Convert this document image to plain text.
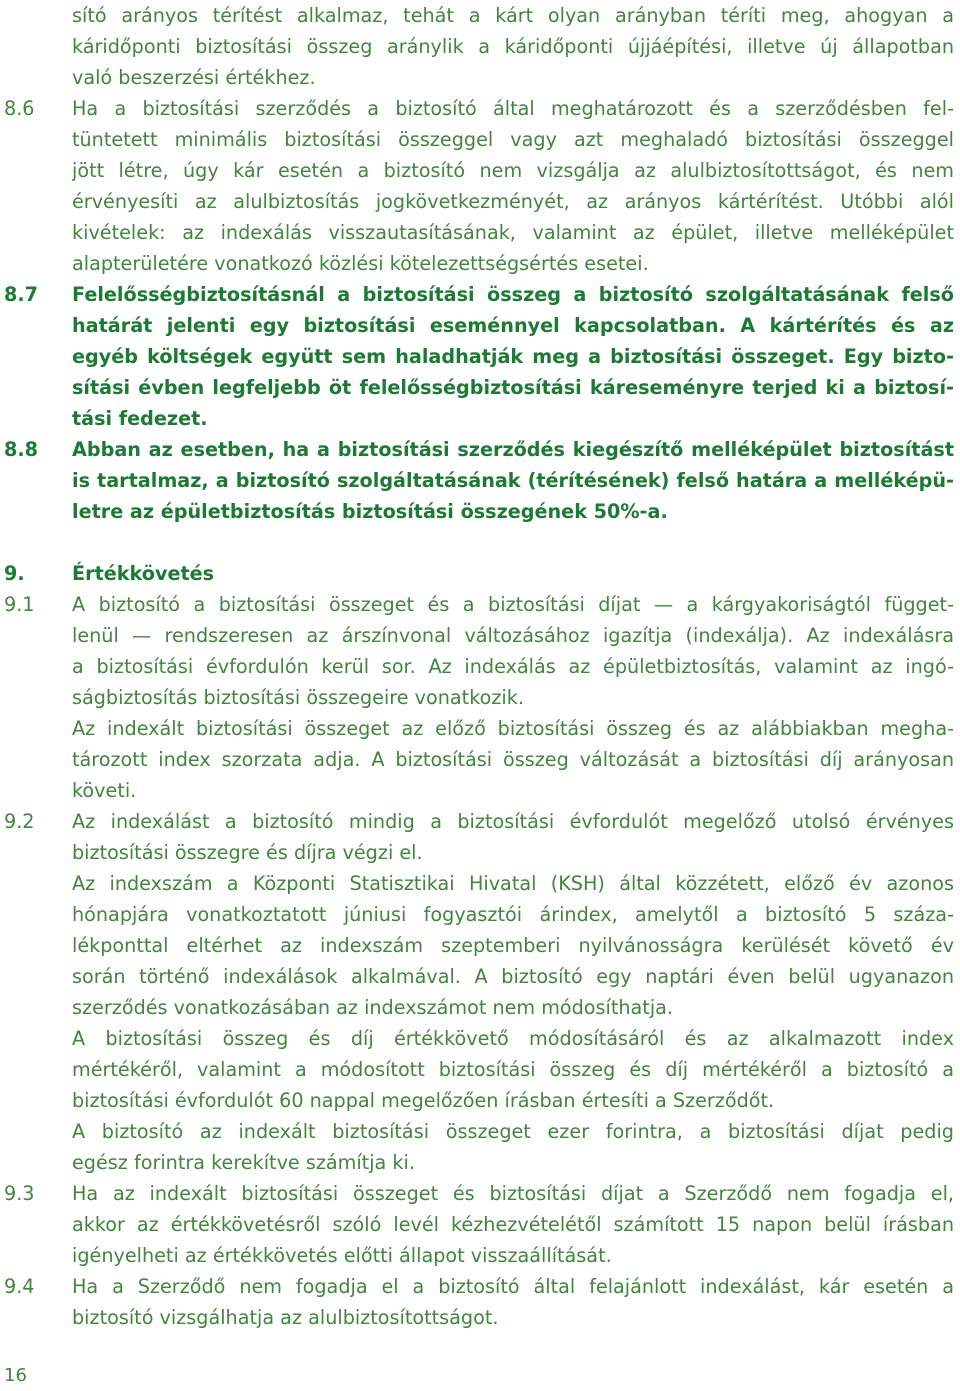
sító arányos térítést alkalmaz, tehát a kárt olyan arányban téríti meg, ahogyan a
káridőponti biztosítási összeg aránylik a káridőponti újjáépítési, illetve új állapotban
való beszerzési értékhez.
8.6	Ha a biztosítási szerződés a biztosító által meghatározott és a szerződésben fel-
tüntetett minimális biztosítási összeggel vagy azt meghaladó biztosítási összeggel
jött létre, úgy kár esetén a biztosító nem vizsgálja az alulbiztosítottságot, és nem
érvényesíti az alulbiztosítás jogkövetkezményét, az arányos kártérítést. Utóbbi alól
kivételek: az indexálás visszautasításának, valamint az épület, illetve melléképület
alapterületére vonatkozó közlési kötelezettségsértés esetei.
8.7	Felelősségbiztosításnál a biztosítási összeg a biztosító szolgáltatásának felső
határát jelenti egy biztosítási eseménnyel kapcsolatban. A kártérítés és az
egyéb költségek együtt sem haladhatják meg a biztosítási összeget. Egy bizto-
sítási évben legfeljebb öt felelősségbiztosítási káreseményre terjed ki a biztosí-
tási fedezet.
8.8	Abban az esetben, ha a biztosítási szerződés kiegészítő melléképület biztosítást
is tartalmaz, a biztosító szolgáltatásának (térítésének) felső határa a melléképü-
letre az épületbiztosítás biztosítási összegének 50%-a.
9.	Értékkövetés
9.1	A biztosító a biztosítási összeget és a biztosítási díjat — a kárgyakoriságtól függet-
lenül — rendszeresen az árszínvonal változásához igazítja (indexálja). Az indexálásra
a biztosítási évfordulón kerül sor. Az indexálás az épületbiztosítás, valamint az ingó-
ságbiztosítás biztosítási összegeire vonatkozik.
Az indexált biztosítási összeget az előző biztosítási összeg és az alábbiakban megha-
tározott index szorzata adja. A biztosítási összeg változását a biztosítási díj arányosan
követi.
9.2	Az indexálást a biztosító mindig a biztosítási évfordulót megelőző utolsó érvényes
biztosítási összegre és díjra végzi el.
Az indexszám a Központi Statisztikai Hivatal (KSH) által közzétett, előző év azonos
hónapjára vonatkoztatott júniusi fogyasztói árindex, amelytől a biztosító 5 száza-
lékponttal eltérhet az indexszám szeptemberi nyilvánosságra kerülését követő év
során történő indexálások alkalmával. A biztosító egy naptári éven belül ugyanazon
szerződés vonatkozásában az indexszámot nem módosíthatja.
A biztosítási összeg és díj értékkövető módosításáról és az alkalmazott index
mértékéről, valamint a módosított biztosítási összeg és díj mértékéről a biztosító a
biztosítási évfordulót 60 nappal megelőzően írásban értesíti a Szerződőt.
A biztosító az indexált biztosítási összeget ezer forintra, a biztosítási díjat pedig
egész forintra kerekítve számítja ki.
9.3	Ha az indexált biztosítási összeget és biztosítási díjat a Szerződő nem fogadja el,
akkor az értékkövetésről szóló levél kézhezvételétől számított 15 napon belül írásban
igényelheti az értékkövetés előtti állapot visszaállítását.
9.4	Ha a Szerződő nem fogadja el a biztosító által felajánlott indexálást, kár esetén a
biztosító vizsgálhatja az alulbiztosítottságot.
16
